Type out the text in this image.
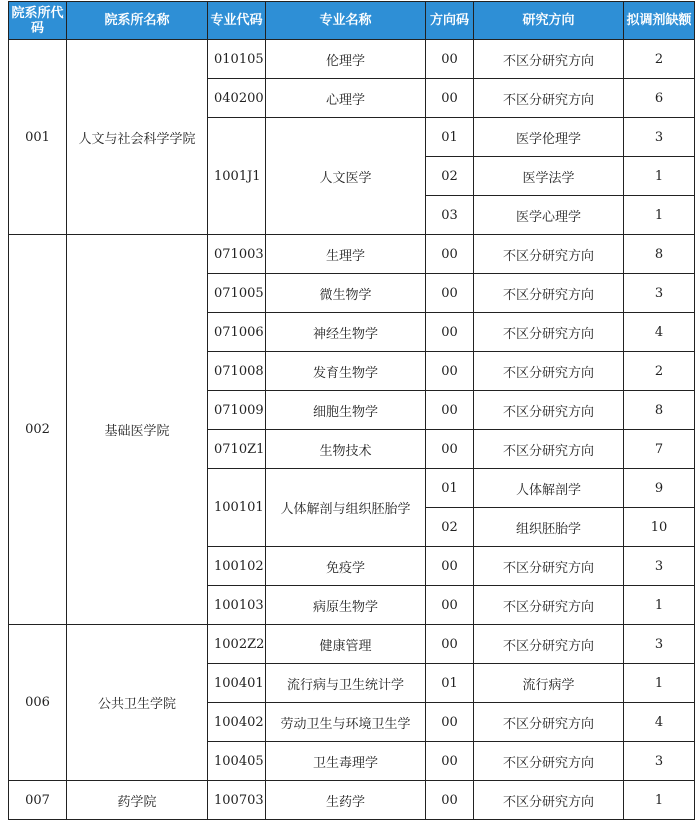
院系所代码	院系所名称	专业代码	专业名称	方向码	研究方向	拟调剂缺额
001	人文与社会科学学院	010105	伦理学	00	不区分研究方向	2
		040200	心理学	00	不区分研究方向	6
		1001J1	人文医学	01	医学伦理学	3
				02	医学法学	1
				03	医学心理学	1
002	基础医学院	071003	生理学	00	不区分研究方向	8
		071005	微生物学	00	不区分研究方向	3
		071006	神经生物学	00	不区分研究方向	4
		071008	发育生物学	00	不区分研究方向	2
		071009	细胞生物学	00	不区分研究方向	8
		0710Z1	生物技术	00	不区分研究方向	7
		100101	人体解剖与组织胚胎学	01	人体解剖学	9
				02	组织胚胎学	10
		100102	免疫学	00	不区分研究方向	3
		100103	病原生物学	00	不区分研究方向	1
006	公共卫生学院	1002Z2	健康管理	00	不区分研究方向	3
		100401	流行病与卫生统计学	01	流行病学	1
		100402	劳动卫生与环境卫生学	00	不区分研究方向	4
		100405	卫生毒理学	00	不区分研究方向	3
007	药学院	100703	生药学	00	不区分研究方向	1
